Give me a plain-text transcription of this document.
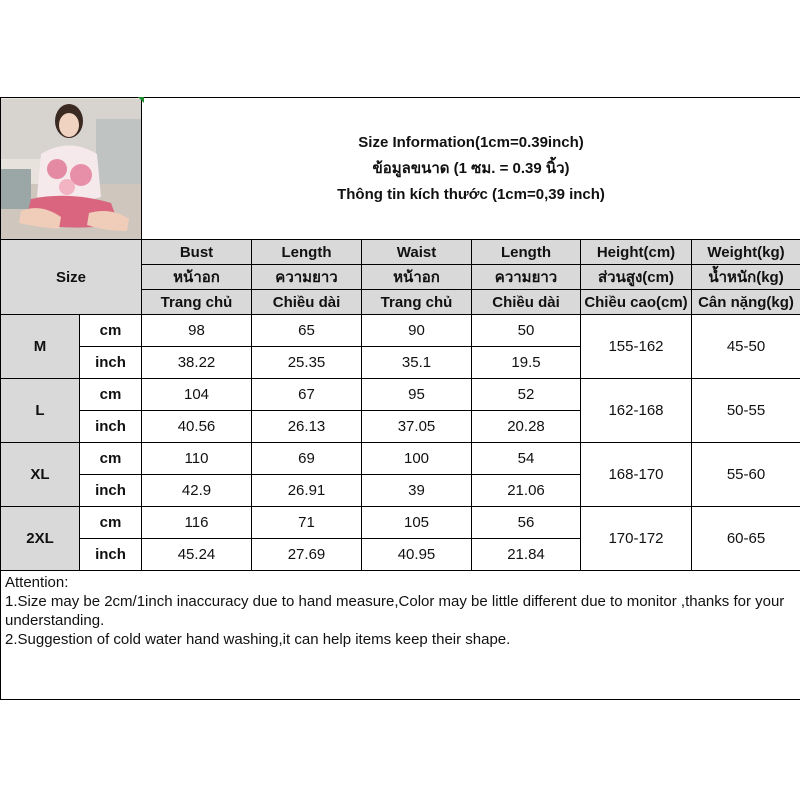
Size Information(1cm=0.39inch)
ข้อมูลขนาด (1 ซม. = 0.39 นิ้ว)
Thông tin kích thước (1cm=0,39 inch)					

Size		Bust	Length	Waist	Length	Height(cm)	Weight(kg)
		หน้าอก	ความยาว	หน้าอก	ความยาว	ส่วนสูง(cm)	น้ำหนัก(kg)
		Trang chủ	Chiều dài	Trang chủ	Chiều dài	Chiều cao(cm)	Cân nặng(kg)
M	cm	98	65	90	50	155-162	45-50
	inch	38.22	25.35	35.1	19.5		
L	cm	104	67	95	52	162-168	50-55
	inch	40.56	26.13	37.05	20.28		
XL	cm	110	69	100	54	168-170	55-60
	inch	42.9	26.91	39	21.06		
2XL	cm	116	71	105	56	170-172	60-65
	inch	45.24	27.69	40.95	21.84		

Attention:
1.Size may be 2cm/1inch inaccuracy due to hand measure,Color may be little different due to monitor ,thanks for your understanding.
2.Suggestion of cold water hand washing,it can help items keep their shape.							
